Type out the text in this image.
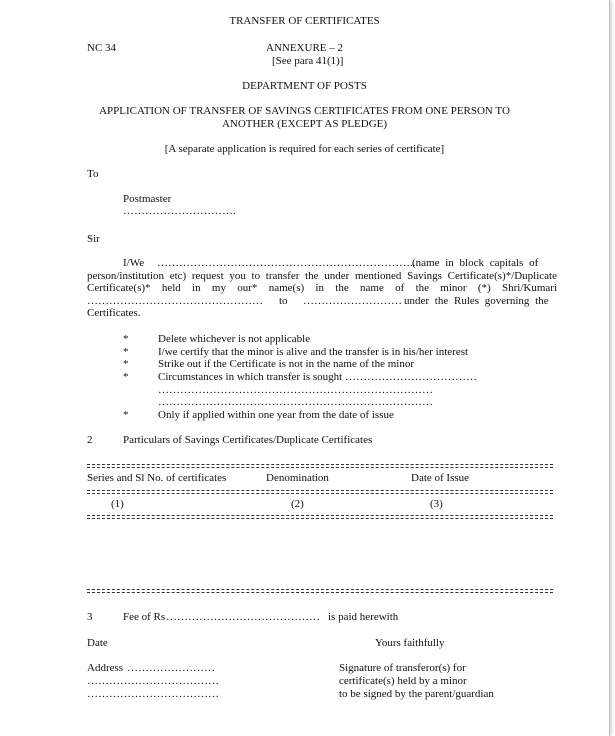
TRANSFER OF CERTIFICATES
NC 34	ANNEXURE – 2
[See para 41(1)]
DEPARTMENT OF POSTS
APPLICATION OF TRANSFER OF SAVINGS CERTIFICATES FROM ONE PERSON TO
ANOTHER (EXCEPT AS PLEDGE)
[A separate application is required for each series of certificate]
To
Postmaster
………………………….
Sir
I/We ……………………………………………………………..
(name in block capitals of
person/institution etc) request you to transfer the under mentioned Savings Certificate(s)*/Duplicate
Certificate(s)* held in my our* name(s) in the name of the minor (*) Shri/Kumari
………………………………………… to ……………………… under the Rules governing the
Certificates.
*	Delete whichever is not applicable
*	I/we certify that the minor is alive and the transfer is in his/her interest
*	Strike out if the Certificate is not in the name of the minor
*	Circumstances in which transfer is sought ………………………………
…………………………………………………………………
…………………………………………………………………
*	Only if applied within one year from the date of issue
2	Particulars of Savings Certificates/Duplicate Certificates
Series and Sl No. of certificates	Denomination	Date of Issue
(1)	(2)	(3)
3	Fee of Rs …………………………………… is paid herewith
Date	Yours faithfully
Address ……………………
………………………………
………………………………
Signature of transferor(s) for
certificate(s) held by a minor
to be signed by the parent/guardian
